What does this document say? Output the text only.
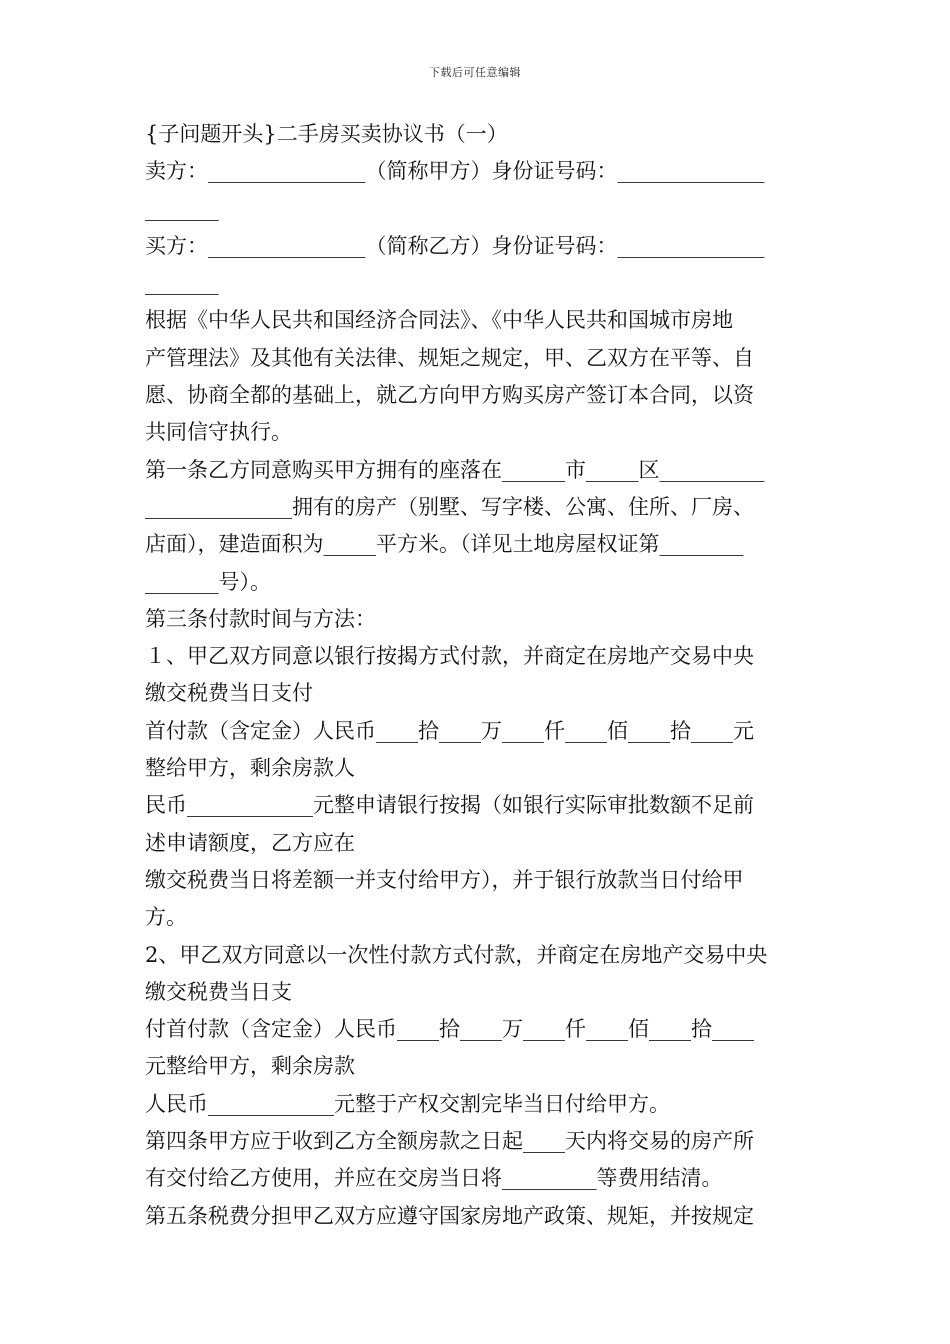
下载后可任意编辑
{子问题开头}二手房买卖协议书（一）
卖方：_______________（简称甲方）身份证号码：______________
_______
买方：_______________（简称乙方）身份证号码：______________
_______
根据《中华人民共和国经济合同法》、《中华人民共和国城市房地
产管理法》及其他有关法律、规矩之规定，甲、乙双方在平等、自
愿、协商全都的基础上，就乙方向甲方购买房产签订本合同，以资
共同信守执行。
第一条乙方同意购买甲方拥有的座落在______市_____区__________
______________拥有的房产（别墅、写字楼、公寓、住所、厂房、
店面），建造面积为_____平方米。（详见土地房屋权证第________
_______号）。
第三条付款时间与方法：
１、甲乙双方同意以银行按揭方式付款，并商定在房地产交易中央
缴交税费当日支付
首付款（含定金）人民币____拾____万____仟____佰____拾____元
整给甲方，剩余房款人
民币____________元整申请银行按揭（如银行实际审批数额不足前
述申请额度，乙方应在
缴交税费当日将差额一并支付给甲方），并于银行放款当日付给甲
方。
2、甲乙双方同意以一次性付款方式付款，并商定在房地产交易中央
缴交税费当日支
付首付款（含定金）人民币____拾____万____仟____佰____拾____
元整给甲方，剩余房款
人民币____________元整于产权交割完毕当日付给甲方。
第四条甲方应于收到乙方全额房款之日起____天内将交易的房产所
有交付给乙方使用，并应在交房当日将_________等费用结清。
第五条税费分担甲乙双方应遵守国家房地产政策、规矩，并按规定
